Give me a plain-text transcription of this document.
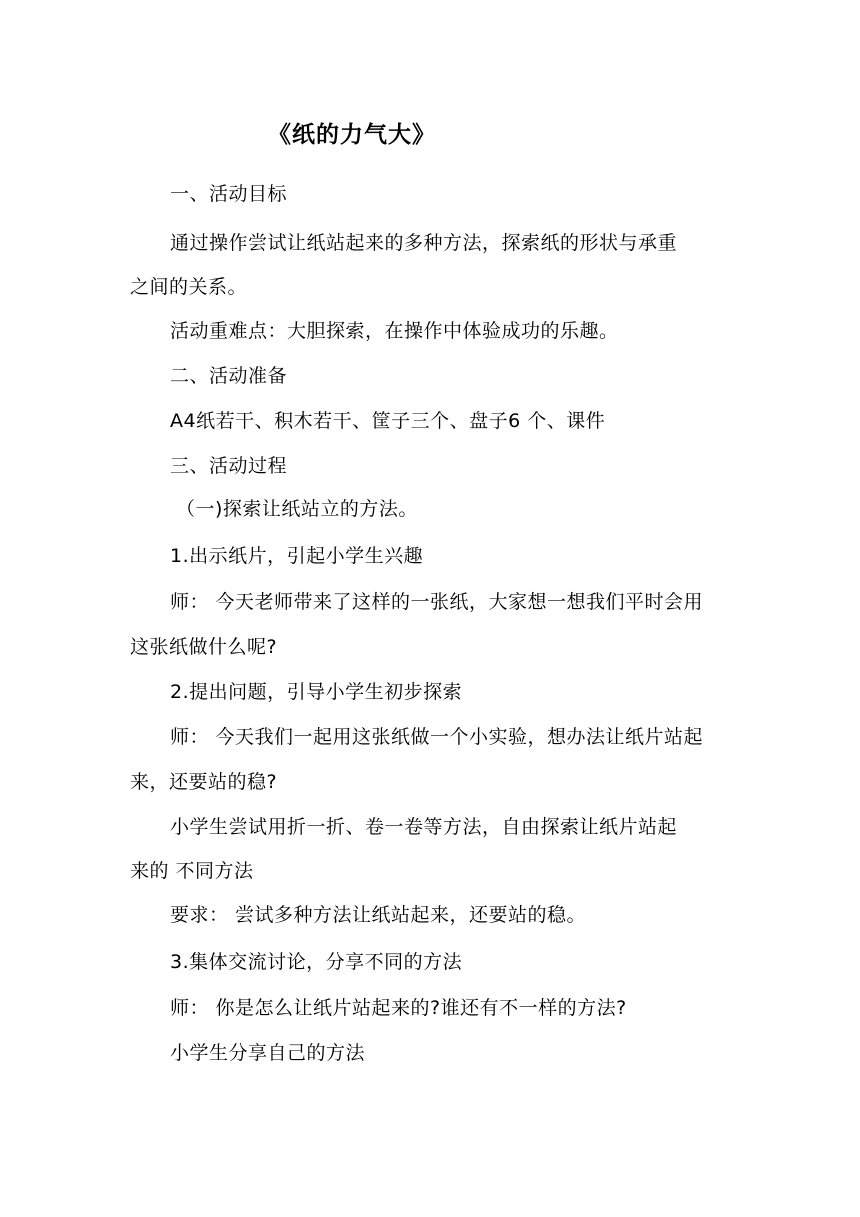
《纸的力气大》
一、活动目标
通过操作尝试让纸站起来的多种方法，探索纸的形状与承重
之间的关系。
活动重难点：大胆探索，在操作中体验成功的乐趣。
二、活动准备
A4纸若干、积木若干、筐子三个、盘子6 个、课件
三、活动过程
（一)探索让纸站立的方法。
1.出示纸片，引起小学生兴趣
师： 今天老师带来了这样的一张纸，大家想一想我们平时会用
这张纸做什么呢?
2.提出问题，引导小学生初步探索
师： 今天我们一起用这张纸做一个小实验，想办法让纸片站起
来，还要站的稳?
小学生尝试用折一折、卷一卷等方法，自由探索让纸片站起
来的 不同方法
要求： 尝试多种方法让纸站起来，还要站的稳。
3.集体交流讨论，分享不同的方法
师： 你是怎么让纸片站起来的?谁还有不一样的方法?
小学生分享自己的方法
